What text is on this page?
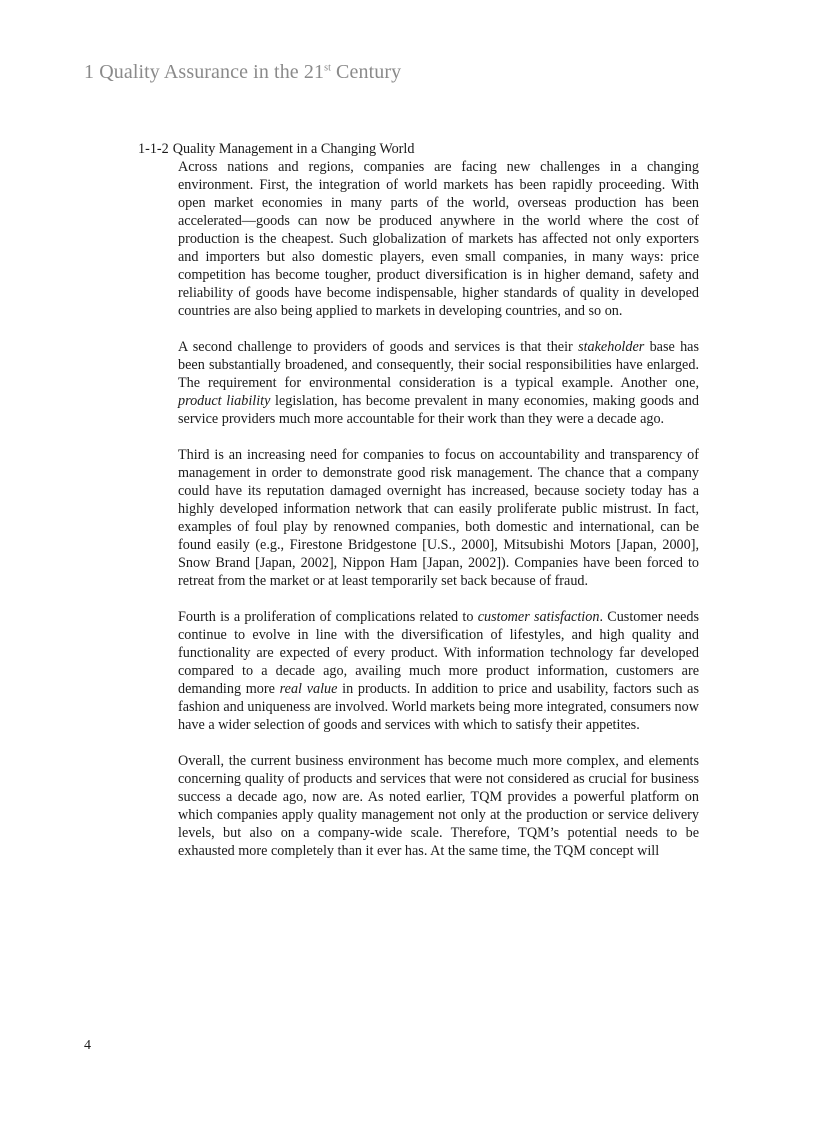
1 Quality Assurance in the 21st Century
1-1-2 Quality Management in a Changing World

Across nations and regions, companies are facing new challenges in a changing environment. First, the integration of world markets has been rapidly proceeding. With open market economies in many parts of the world, overseas production has been accelerated—goods can now be produced anywhere in the world where the cost of production is the cheapest. Such globalization of markets has affected not only exporters and importers but also domestic players, even small companies, in many ways: price competition has become tougher, product diversification is in higher demand, safety and reliability of goods have become indispensable, higher standards of quality in developed countries are also being applied to markets in developing countries, and so on.

A second challenge to providers of goods and services is that their stakeholder base has been substantially broadened, and consequently, their social responsibilities have enlarged. The requirement for environmental consideration is a typical example. Another one, product liability legislation, has become prevalent in many economies, making goods and service providers much more accountable for their work than they were a decade ago.

Third is an increasing need for companies to focus on accountability and transparency of management in order to demonstrate good risk management. The chance that a company could have its reputation damaged overnight has increased, because society today has a highly developed information network that can easily proliferate public mistrust. In fact, examples of foul play by renowned companies, both domestic and international, can be found easily (e.g., Firestone Bridgestone [U.S., 2000], Mitsubishi Motors [Japan, 2000], Snow Brand [Japan, 2002], Nippon Ham [Japan, 2002]). Companies have been forced to retreat from the market or at least temporarily set back because of fraud.

Fourth is a proliferation of complications related to customer satisfaction. Customer needs continue to evolve in line with the diversification of lifestyles, and high quality and functionality are expected of every product. With information technology far developed compared to a decade ago, availing much more product information, customers are demanding more real value in products. In addition to price and usability, factors such as fashion and uniqueness are involved. World markets being more integrated, consumers now have a wider selection of goods and services with which to satisfy their appetites.

Overall, the current business environment has become much more complex, and elements concerning quality of products and services that were not considered as crucial for business success a decade ago, now are. As noted earlier, TQM provides a powerful platform on which companies apply quality management not only at the production or service delivery levels, but also on a company-wide scale. Therefore, TQM’s potential needs to be exhausted more completely than it ever has. At the same time, the TQM concept will

4
